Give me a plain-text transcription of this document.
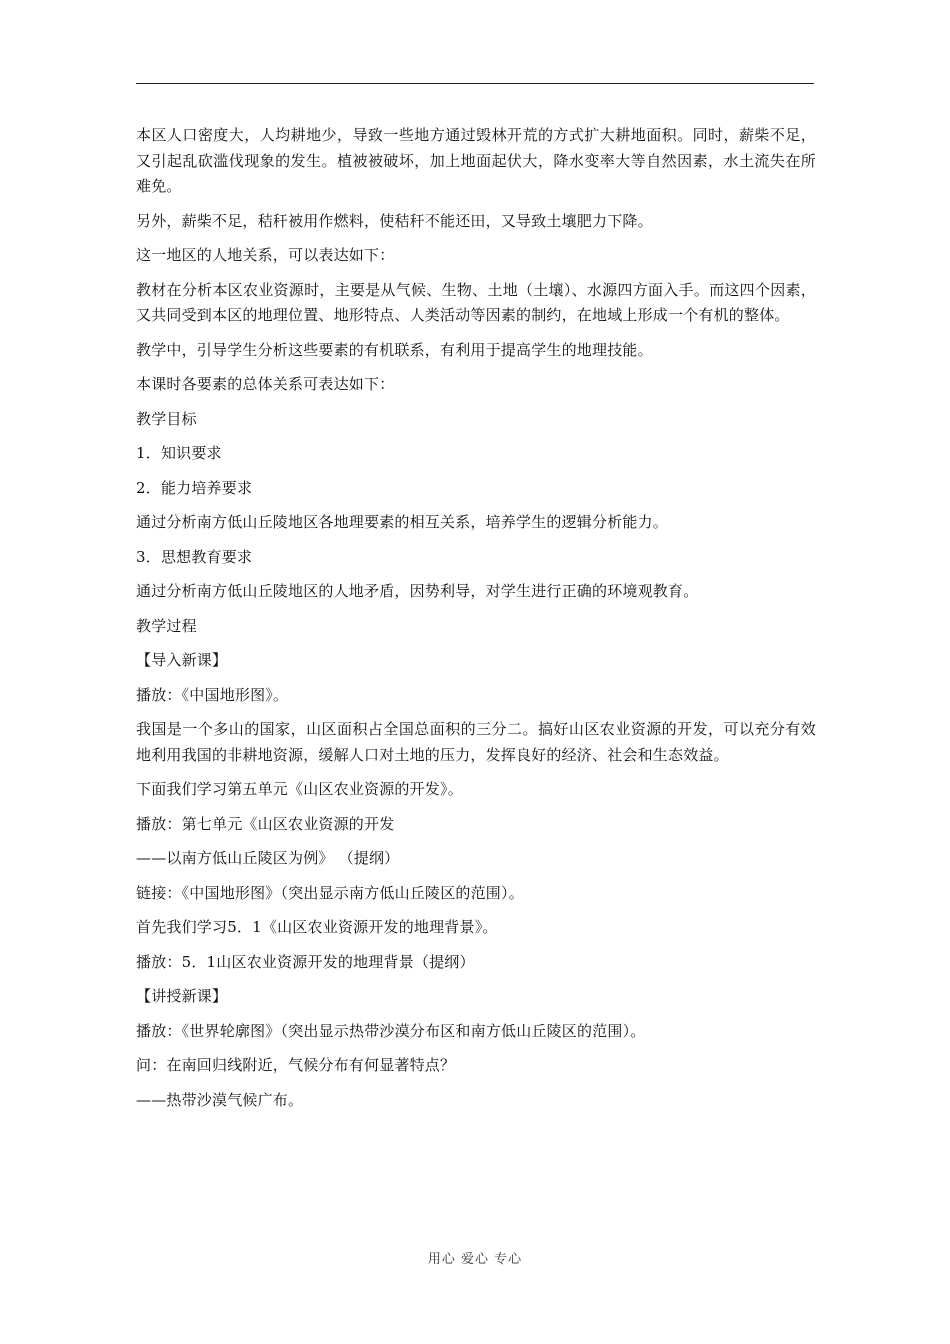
本区人口密度大，人均耕地少，导致一些地方通过毁林开荒的方式扩大耕地面积。同时，薪柴不足，又引起乱砍滥伐现象的发生。植被被破坏，加上地面起伏大，降水变率大等自然因素，水土流失在所难免。

另外，薪柴不足，秸秆被用作燃料，使秸秆不能还田，又导致土壤肥力下降。

这一地区的人地关系，可以表达如下：

教材在分析本区农业资源时，主要是从气候、生物、土地（土壤）、水源四方面入手。而这四个因素，又共同受到本区的地理位置、地形特点、人类活动等因素的制约，在地域上形成一个有机的整体。

教学中，引导学生分析这些要素的有机联系，有利用于提高学生的地理技能。

本课时各要素的总体关系可表达如下：

教学目标

1．知识要求

2．能力培养要求

通过分析南方低山丘陵地区各地理要素的相互关系，培养学生的逻辑分析能力。

3．思想教育要求

通过分析南方低山丘陵地区的人地矛盾，因势利导，对学生进行正确的环境观教育。

教学过程

【导入新课】

播放：《中国地形图》。

我国是一个多山的国家，山区面积占全国总面积的三分二。搞好山区农业资源的开发，可以充分有效地利用我国的非耕地资源，缓解人口对土地的压力，发挥良好的经济、社会和生态效益。

下面我们学习第五单元《山区农业资源的开发》。

播放：第七单元《山区农业资源的开发

——以南方低山丘陵区为例》 （提纲）

链接：《中国地形图》（突出显示南方低山丘陵区的范围）。

首先我们学习5．1《山区农业资源开发的地理背景》。

播放：5．1山区农业资源开发的地理背景（提纲）

【讲授新课】

播放：《世界轮廓图》（突出显示热带沙漠分布区和南方低山丘陵区的范围）。

问：在南回归线附近，气候分布有何显著特点？

——热带沙漠气候广布。

用心 爱心 专心
